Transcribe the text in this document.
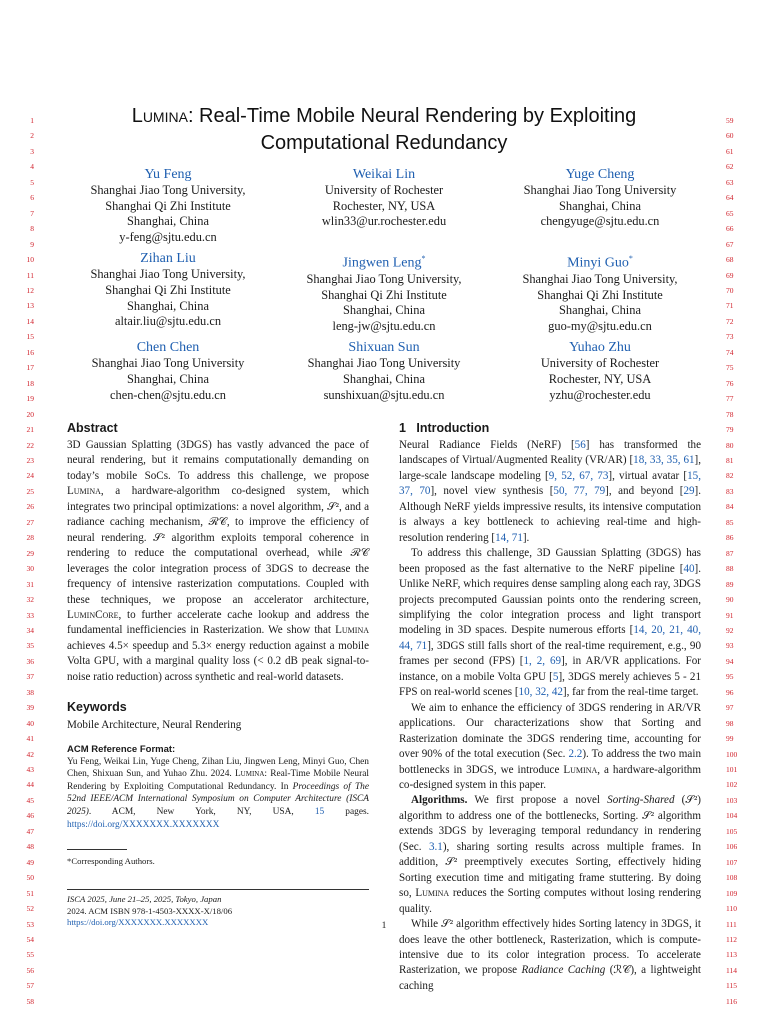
1
2
3
4
5
6
7
8
9
10
11
12
13
14
15
16
17
18
19
20
21
22
23
24
25
26
27
28
29
30
31
32
33
34
35
36
37
38
39
40
41
42
43
44
45
46
47
48
49
50
51
52
53
54
55
56
57
58
59
60
61
62
63
64
65
66
67
68
69
70
71
72
73
74
75
76
77
78
79
80
81
82
83
84
85
86
87
88
89
90
91
92
93
94
95
96
97
98
99
100
101
102
103
104
105
106
107
108
109
110
111
112
113
114
115
116
Lumina: Real-Time Mobile Neural Rendering by Exploiting
Computational Redundancy
Yu Feng
Shanghai Jiao Tong University,
Shanghai Qi Zhi Institute
Shanghai, China
y-feng@sjtu.edu.cn
Weikai Lin
University of Rochester
Rochester, NY, USA
wlin33@ur.rochester.edu
Yuge Cheng
Shanghai Jiao Tong University
Shanghai, China
chengyuge@sjtu.edu.cn
Zihan Liu
Shanghai Jiao Tong University,
Shanghai Qi Zhi Institute
Shanghai, China
altair.liu@sjtu.edu.cn
Jingwen Leng*
Shanghai Jiao Tong University,
Shanghai Qi Zhi Institute
Shanghai, China
leng-jw@sjtu.edu.cn
Minyi Guo*
Shanghai Jiao Tong University,
Shanghai Qi Zhi Institute
Shanghai, China
guo-my@sjtu.edu.cn
Chen Chen
Shanghai Jiao Tong University
Shanghai, China
chen-chen@sjtu.edu.cn
Shixuan Sun
Shanghai Jiao Tong University
Shanghai, China
sunshixuan@sjtu.edu.cn
Yuhao Zhu
University of Rochester
Rochester, NY, USA
yzhu@rochester.edu
Abstract

3D Gaussian Splatting (3DGS) has vastly advanced the pace of neural rendering, but it remains computationally demanding on today’s mobile SoCs. To address this challenge, we propose Lumina, a hardware-algorithm co-designed system, which integrates two principal optimizations: a novel algorithm, 𝒮², and a radiance caching mechanism, ℛ𝒞, to improve the efficiency of neural rendering. 𝒮² algorithm exploits temporal coherence in rendering to reduce the computational overhead, while ℛ𝒞 leverages the color integration process of 3DGS to decrease the frequency of intensive rasterization computations. Coupled with these techniques, we propose an accelerator architecture, LuminCore, to further accelerate cache lookup and address the fundamental inefficiencies in Rasterization. We show that Lumina achieves 4.5× speedup and 5.3× energy reduction against a mobile Volta GPU, with a marginal quality loss (< 0.2 dB peak signal-to-noise ratio reduction) across synthetic and real-world datasets.

Keywords
Mobile Architecture, Neural Rendering
ACM Reference Format:
Yu Feng, Weikai Lin, Yuge Cheng, Zihan Liu, Jingwen Leng, Minyi Guo, Chen Chen, Shixuan Sun, and Yuhao Zhu. 2024. Lumina: Real-Time Mobile Neural Rendering by Exploiting Computational Redundancy. In Proceedings of The 52nd IEEE/ACM International Symposium on Computer Architecture (ISCA 2025). ACM, New York, NY, USA, 15 pages. https://doi.org/XXXXXXX.XXXXXXX
*Corresponding Authors.
ISCA 2025, June 21–25, 2025, Tokyo, Japan
2024. ACM ISBN 978-1-4503-XXXX-X/18/06
https://doi.org/XXXXXXX.XXXXXXX
1 Introduction

Neural Radiance Fields (NeRF) [56] has transformed the landscapes of Virtual/Augmented Reality (VR/AR) [18, 33, 35, 61], large-scale landscape modeling [9, 52, 67, 73], virtual avatar [15, 37, 70], novel view synthesis [50, 77, 79], and beyond [29]. Although NeRF yields impressive results, its intensive computation is always a key bottleneck to achieving real-time and high-resolution rendering [14, 71].

To address this challenge, 3D Gaussian Splatting (3DGS) has been proposed as the fast alternative to the NeRF pipeline [40]. Unlike NeRF, which requires dense sampling along each ray, 3DGS projects precomputed Gaussian points onto the rendering screen, simplifying the color integration process and light transport modeling in 3D spaces. Despite numerous efforts [14, 20, 21, 40, 44, 71], 3DGS still falls short of the real-time requirement, e.g., 90 frames per second (FPS) [1, 2, 69], in AR/VR applications. For instance, on a mobile Volta GPU [5], 3DGS merely achieves 5 - 21 FPS on real-world scenes [10, 32, 42], far from the real-time target.

We aim to enhance the efficiency of 3DGS rendering in AR/VR applications. Our characterizations show that Sorting and Rasterization dominate the 3DGS rendering time, accounting for over 90% of the total execution (Sec. 2.2). To address the two main bottlenecks in 3DGS, we introduce Lumina, a hardware-algorithm co-designed system in this paper.

Algorithms. We first propose a novel Sorting-Shared (𝒮²) algorithm to address one of the bottlenecks, Sorting. 𝒮² algorithm extends 3DGS by leveraging temporal redundancy in rendering (Sec. 3.1), sharing sorting results across multiple frames. In addition, 𝒮² preemptively executes Sorting, effectively hiding Sorting execution time and mitigating frame stuttering. By doing so, Lumina reduces the Sorting computes without losing rendering quality.

While 𝒮² algorithm effectively hides Sorting latency in 3DGS, it does leave the other bottleneck, Rasterization, which is compute-intensive due to its color integration process. To accelerate Rasterization, we propose Radiance Caching (ℛ𝒞), a lightweight caching

1
